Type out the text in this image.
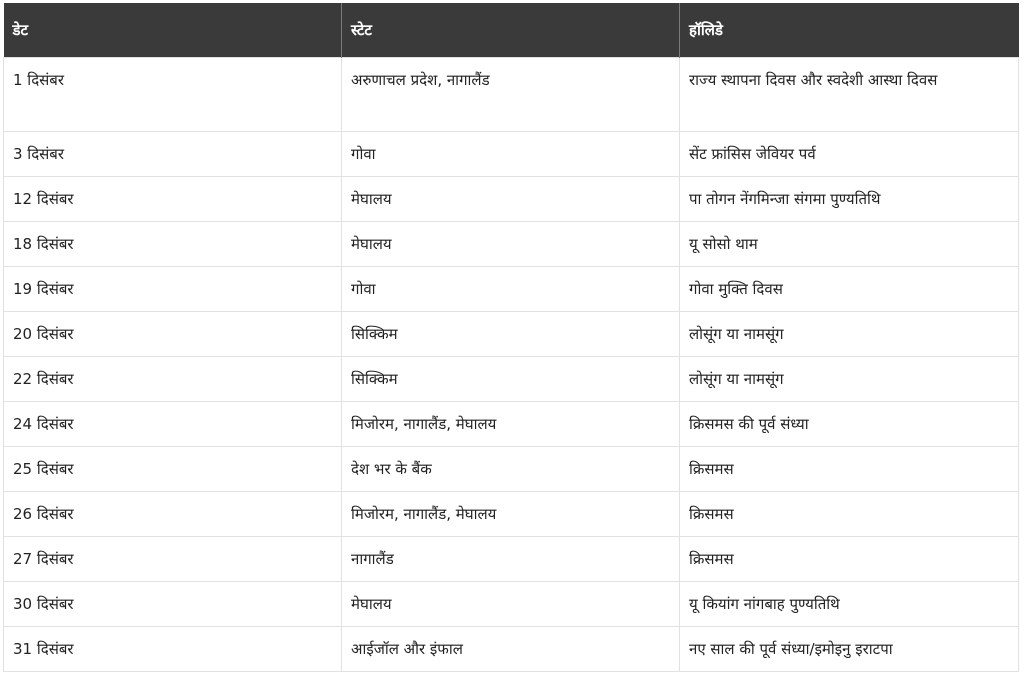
डेट	स्टेट	हॉलिडे
1 दिसंबर	अरुणाचल प्रदेश, नागालैंड	राज्य स्थापना दिवस और स्वदेशी आस्था दिवस
3 दिसंबर	गोवा	सेंट फ्रांसिस जेवियर पर्व
12 दिसंबर	मेघालय	पा तोगन नेंगमिन्जा संगमा पुण्यतिथि
18 दिसंबर	मेघालय	यू सोसो थाम
19 दिसंबर	गोवा	गोवा मुक्ति दिवस
20 दिसंबर	सिक्किम	लोसूंग या नामसूंग
22 दिसंबर	सिक्किम	लोसूंग या नामसूंग
24 दिसंबर	मिजोरम, नागालैंड, मेघालय	क्रिसमस की पूर्व संध्या
25 दिसंबर	देश भर के बैंक	क्रिसमस
26 दिसंबर	मिजोरम, नागालैंड, मेघालय	क्रिसमस
27 दिसंबर	नागालैंड	क्रिसमस
30 दिसंबर	मेघालय	यू कियांग नांगबाह पुण्यतिथि
31 दिसंबर	आईजॉल और इंफाल	नए साल की पूर्व संध्या/इमोइनु इराटपा
